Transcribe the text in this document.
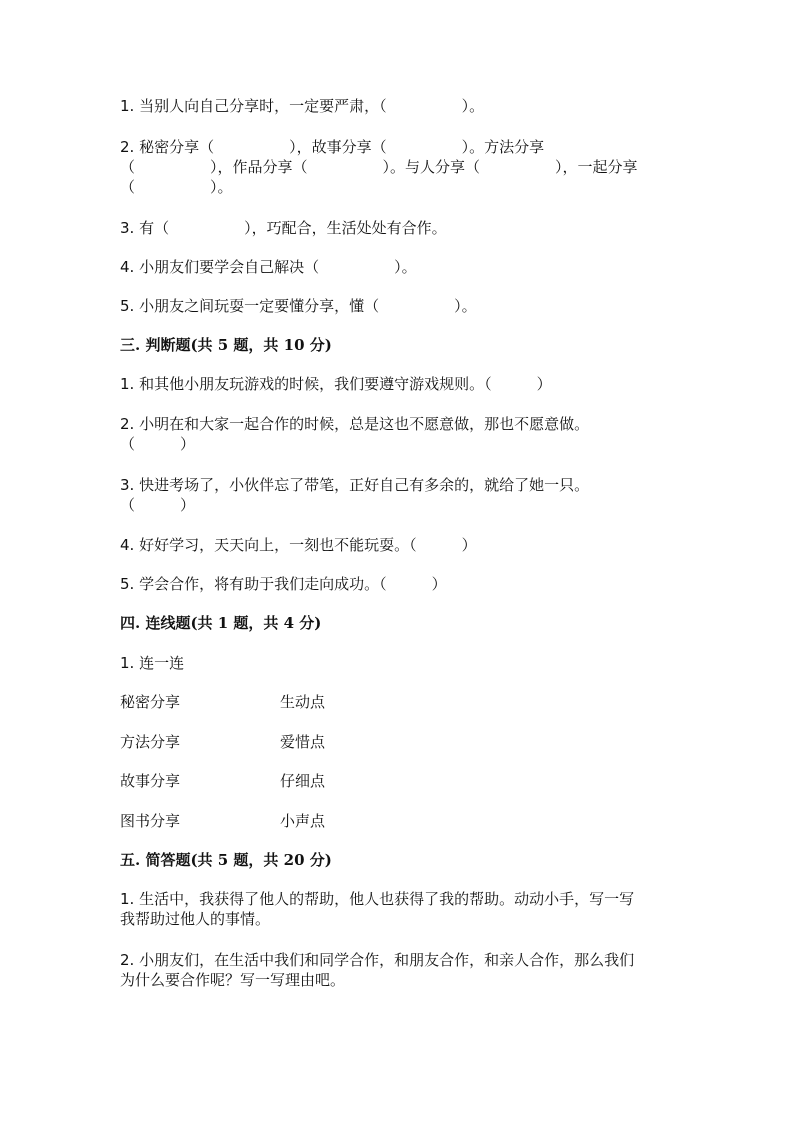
1. 当别人向自己分享时，一定要严肃，（　　　　　）。
2. 秘密分享（　　　　　），故事分享（　　　　　）。方法分享
（　　　　　），作品分享（　　　　　）。与人分享（　　　　　），一起分享
（　　　　　）。
3. 有（　　　　　），巧配合，生活处处有合作。
4. 小朋友们要学会自己解决（　　　　　）。
5. 小朋友之间玩耍一定要懂分享，懂（　　　　　）。
三. 判断题(共 5 题，共 10 分)
1. 和其他小朋友玩游戏的时候，我们要遵守游戏规则。（　　　）
2. 小明在和大家一起合作的时候，总是这也不愿意做，那也不愿意做。
（　　　）
3. 快进考场了，小伙伴忘了带笔，正好自己有多余的，就给了她一只。
（　　　）
4. 好好学习，天天向上，一刻也不能玩耍。（　　　）
5. 学会合作，将有助于我们走向成功。（　　　）
四. 连线题(共 1 题，共 4 分)
1. 连一连
秘密分享	生动点
方法分享	爱惜点
故事分享	仔细点
图书分享	小声点
五. 简答题(共 5 题，共 20 分)
1. 生活中，我获得了他人的帮助，他人也获得了我的帮助。动动小手，写一写
我帮助过他人的事情。
2. 小朋友们，在生活中我们和同学合作，和朋友合作，和亲人合作，那么我们
为什么要合作呢？写一写理由吧。
